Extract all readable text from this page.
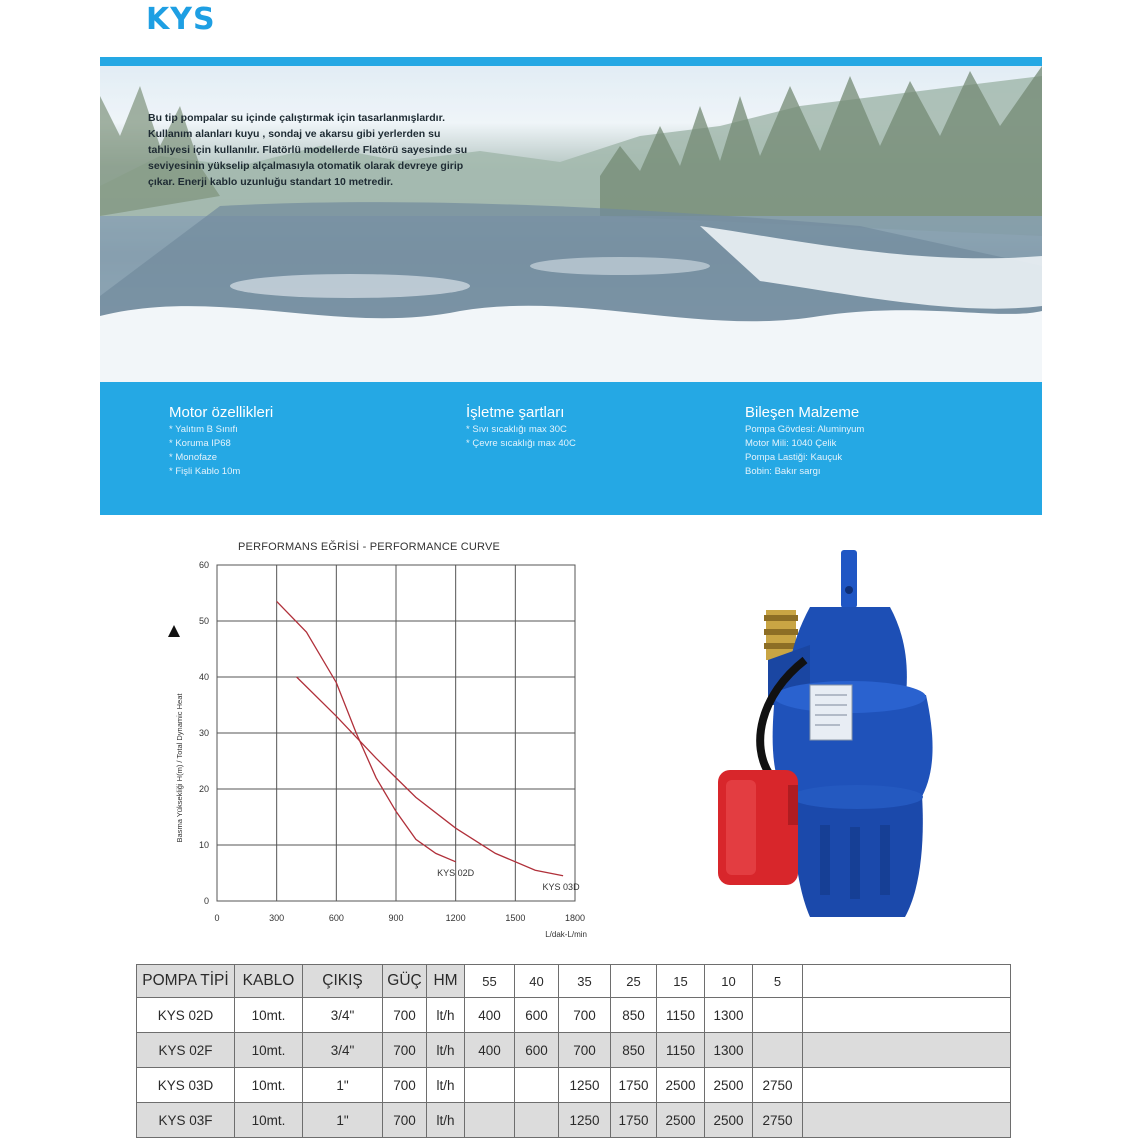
KYS

Bu tip pompalar su içinde çalıştırmak için tasarlanmışlardır. Kullanım alanları kuyu , sondaj ve akarsu gibi yerlerden su tahliyesi için kullanılır. Flatörlü modellerde Flatörü sayesinde su seviyesinin yükselip alçalmasıyla otomatik olarak devreye girip çıkar. Enerji kablo uzunluğu standart 10 metredir.

Motor özellikleri
* Yalıtım B Sınıfı
* Koruma IP68
* Monofaze
* Fişli Kablo 10m
İşletme şartları
* Sıvı sıcaklığı max 30C
* Çevre sıcaklığı max 40C
Bileşen Malzeme
Pompa Gövdesi: Aluminyum
Motor Mili: 1040 Çelik
Pompa Lastiği: Kauçuk
Bobin: Bakır sargı
PERFORMANS EĞRİSİ - PERFORMANCE CURVE
0	300	600	900	1200	1500	1800
0
10
20
30
40
50
60
Basma Yüksekliği H(m) / Total Dynamic Heat
L/dak-L/min
KYS 02D
KYS 03D
POMPA TİPİ	KABLO	ÇIKIŞ	GÜÇ	HM	55	40	35	25	15	10	5	
KYS 02D	10mt.	3/4"	700	lt/h	400	600	700	850	1150	1300		
KYS 02F	10mt.	3/4"	700	lt/h	400	600	700	850	1150	1300		
KYS 03D	10mt.	1"	700	lt/h			1250	1750	2500	2500	2750	
KYS 03F	10mt.	1"	700	lt/h			1250	1750	2500	2500	2750	
